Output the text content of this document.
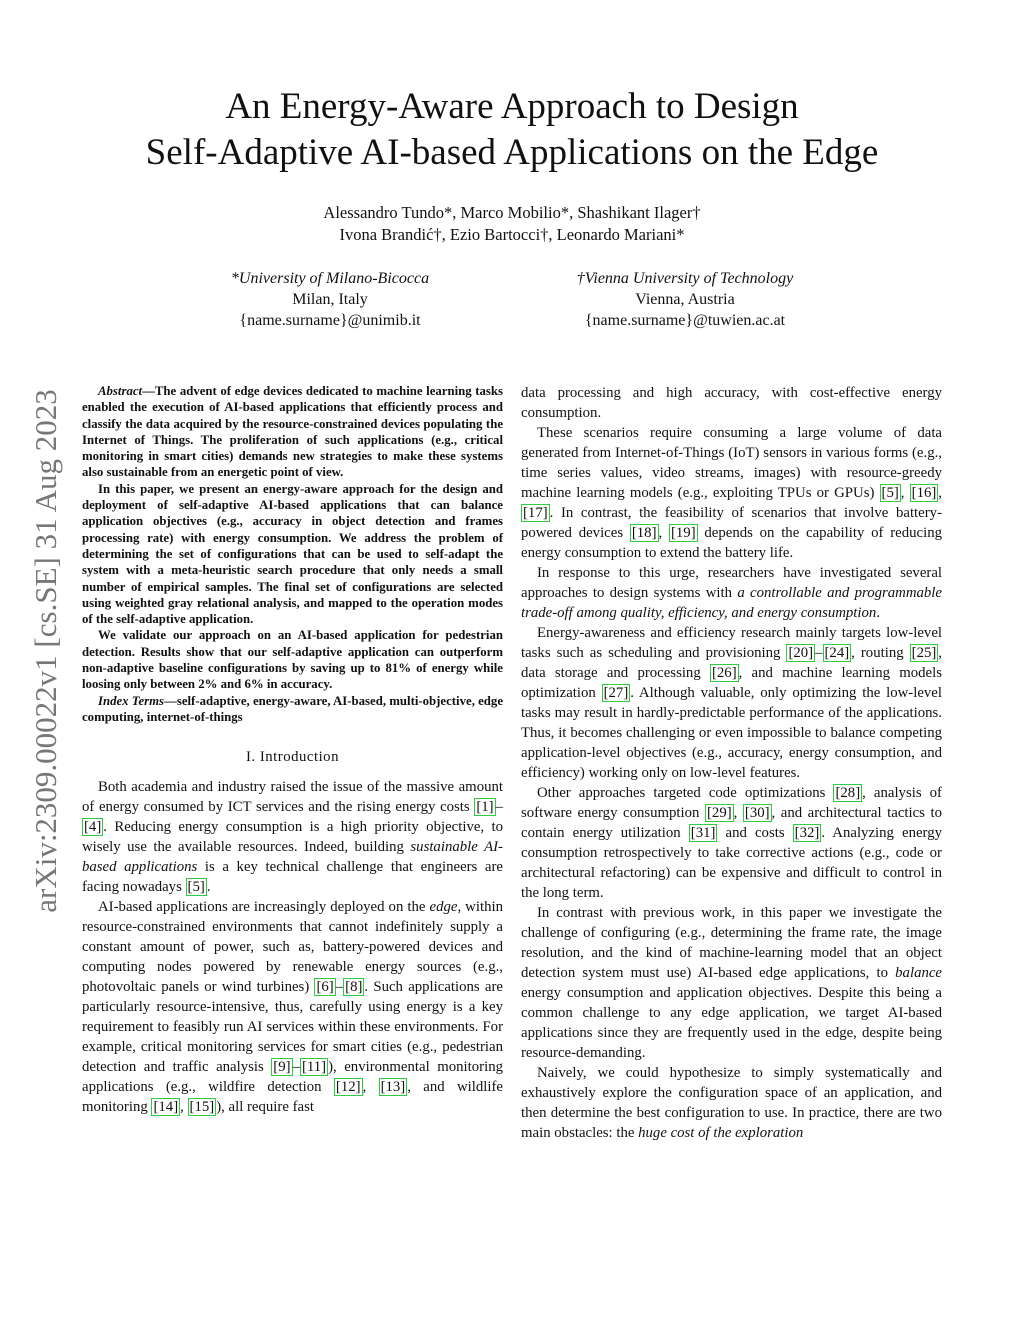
An Energy-Aware Approach to Design
Self-Adaptive AI-based Applications on the Edge
Alessandro Tundo*, Marco Mobilio*, Shashikant Ilager†
Ivona Brandić†, Ezio Bartocci†, Leonardo Mariani*
*University of Milano-Bicocca
Milan, Italy
{name.surname}@unimib.it
†Vienna University of Technology
Vienna, Austria
{name.surname}@tuwien.ac.at
arXiv:2309.00022v1 [cs.SE] 31 Aug 2023	Abstract—The advent of edge devices dedicated to machine learning tasks enabled the execution of AI-based applications that efficiently process and classify the data acquired by the resource-constrained devices populating the Internet of Things. The proliferation of such applications (e.g., critical monitoring in smart cities) demands new strategies to make these systems also sustainable from an energetic point of view.

In this paper, we present an energy-aware approach for the design and deployment of self-adaptive AI-based applications that can balance application objectives (e.g., accuracy in object detection and frames processing rate) with energy consumption. We address the problem of determining the set of configurations that can be used to self-adapt the system with a meta-heuristic search procedure that only needs a small number of empirical samples. The final set of configurations are selected using weighted gray relational analysis, and mapped to the operation modes of the self-adaptive application.

We validate our approach on an AI-based application for pedestrian detection. Results show that our self-adaptive application can outperform non-adaptive baseline configurations by saving up to 81% of energy while loosing only between 2% and 6% in accuracy.

Index Terms—self-adaptive, energy-aware, AI-based, multi-objective, edge computing, internet-of-things

I. Introduction

Both academia and industry raised the issue of the massive amount of energy consumed by ICT services and the rising energy costs [1] –[4] . Reducing energy consumption is a high priority objective, to wisely use the available resources. Indeed, building sustainable AI-based applications is a key technical challenge that engineers are facing nowadays [5] .

AI-based applications are increasingly deployed on the edge, within resource-constrained environments that cannot indefinitely supply a constant amount of power, such as, battery-powered devices and computing nodes powered by renewable energy sources (e.g., photovoltaic panels or wind turbines) [6] – [8] . Such applications are particularly resource-intensive, thus, carefully using energy is a key requirement to feasibly run AI services within these environments. For example, critical monitoring services for smart cities (e.g., pedestrian detection and traffic analysis [9] – [11] ), environmental monitoring applications (e.g., wildfire detection [12] , [13] , and wildlife monitoring [14] , [15] ), all require fast

data processing and high accuracy, with cost-effective energy consumption.

These scenarios require consuming a large volume of data generated from Internet-of-Things (IoT) sensors in various forms (e.g., time series values, video streams, images) with resource-greedy machine learning models (e.g., exploiting TPUs or GPUs) [5] , [16] , [17] . In contrast, the feasibility of scenarios that involve battery-powered devices [18] , [19] depends on the capability of reducing energy consumption to extend the battery life.

In response to this urge, researchers have investigated several approaches to design systems with a controllable and programmable trade-off among quality, efficiency, and energy consumption.

Energy-awareness and efficiency research mainly targets low-level tasks such as scheduling and provisioning [20] – [24] , routing [25] , data storage and processing [26] , and machine learning models optimization [27] . Although valuable, only optimizing the low-level tasks may result in hardly-predictable performance of the applications. Thus, it becomes challenging or even impossible to balance competing application-level objectives (e.g., accuracy, energy consumption, and efficiency) working only on low-level features.

Other approaches targeted code optimizations [28] , analysis of software energy consumption [29] , [30] , and architectural tactics to contain energy utilization [31] and costs [32] . Analyzing energy consumption retrospectively to take corrective actions (e.g., code or architectural refactoring) can be expensive and difficult to control in the long term.

In contrast with previous work, in this paper we investigate the challenge of configuring (e.g., determining the frame rate, the image resolution, and the kind of machine-learning model that an object detection system must use) AI-based edge applications, to balance energy consumption and application objectives. Despite this being a common challenge to any edge application, we target AI-based applications since they are frequently used in the edge, despite being resource-demanding.

Naively, we could hypothesize to simply systematically and exhaustively explore the configuration space of an application, and then determine the best configuration to use. In practice, there are two main obstacles: the huge cost of the exploration
